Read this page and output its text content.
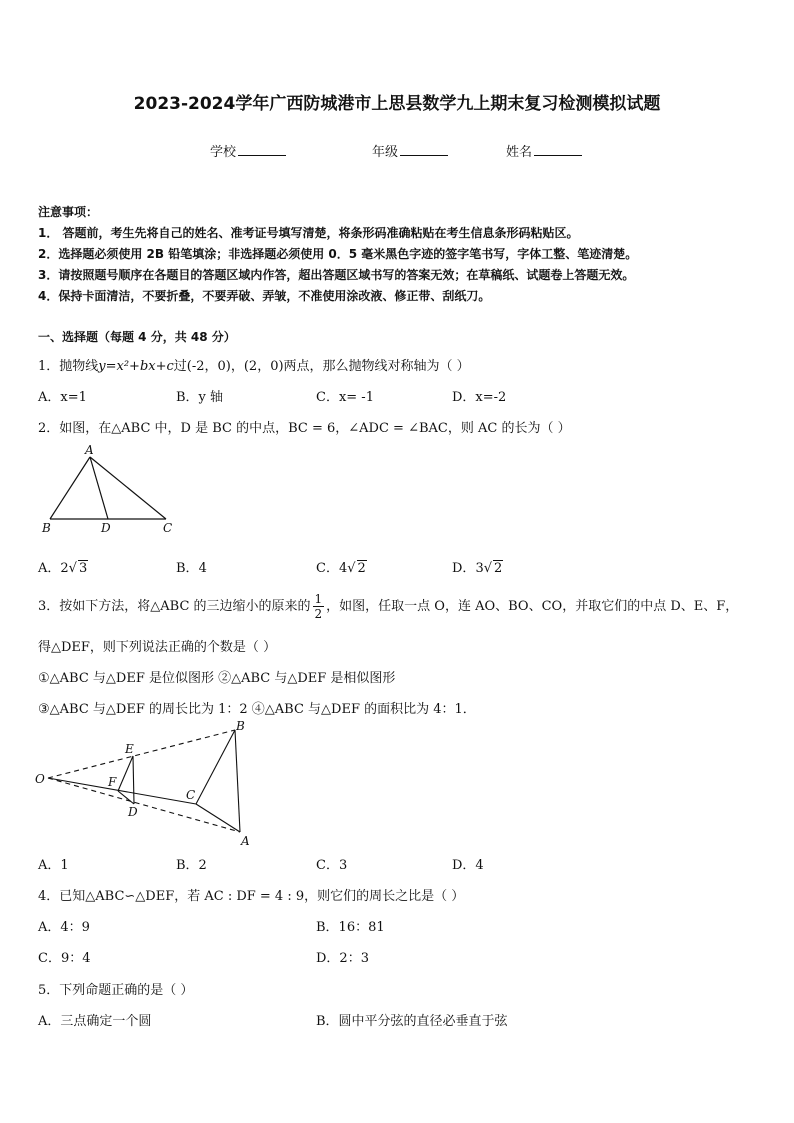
2023-2024学年广西防城港市上思县数学九上期末复习检测模拟试题
学校	年级	姓名
注意事项：
1． 答题前，考生先将自己的姓名、准考证号填写清楚，将条形码准确粘贴在考生信息条形码粘贴区。
2．选择题必须使用 2B 铅笔填涂；非选择题必须使用 0．5 毫米黑色字迹的签字笔书写，字体工整、笔迹清楚。
3．请按照题号顺序在各题目的答题区域内作答，超出答题区域书写的答案无效；在草稿纸、试题卷上答题无效。
4．保持卡面清洁，不要折叠，不要弄破、弄皱，不准使用涂改液、修正带、刮纸刀。
一、选择题（每题 4 分，共 48 分）
1．抛物线y=x²+bx+c过(-2，0)，(2，0)两点，那么抛物线对称轴为（ ）
A．x=1	B．y 轴	C．x= -1	D．x=-2
2．如图，在△ABC 中，D 是 BC 的中点，BC = 6，∠ADC = ∠BAC，则 AC 的长为（ ）
A
B	D	C
A．2√ 3	B．4	C．4√ 2	D．3√ 2
3．按如下方法，将△ABC 的三边缩小的原来的 $\frac{1}{2}$ ，如图，任取一点 O，连 AO、BO、CO，并取它们的中点 D、E、F，
得△DEF，则下列说法正确的个数是（ ）
①△ABC 与△DEF 是位似图形 ②△ABC 与△DEF 是相似图形
③△ABC 与△DEF 的周长比为 1：2 ④△ABC 与△DEF 的面积比为 4：1．
O
E
F
D
C
B
A
A．1	B．2	C．3	D．4
4．已知△ABC∽△DEF，若 AC : DF = 4 : 9，则它们的周长之比是（ ）
A．4：9	B．16：81
C．9：4	D．2：3
5．下列命题正确的是（ ）
A．三点确定一个圆	B．圆中平分弦的直径必垂直于弦
